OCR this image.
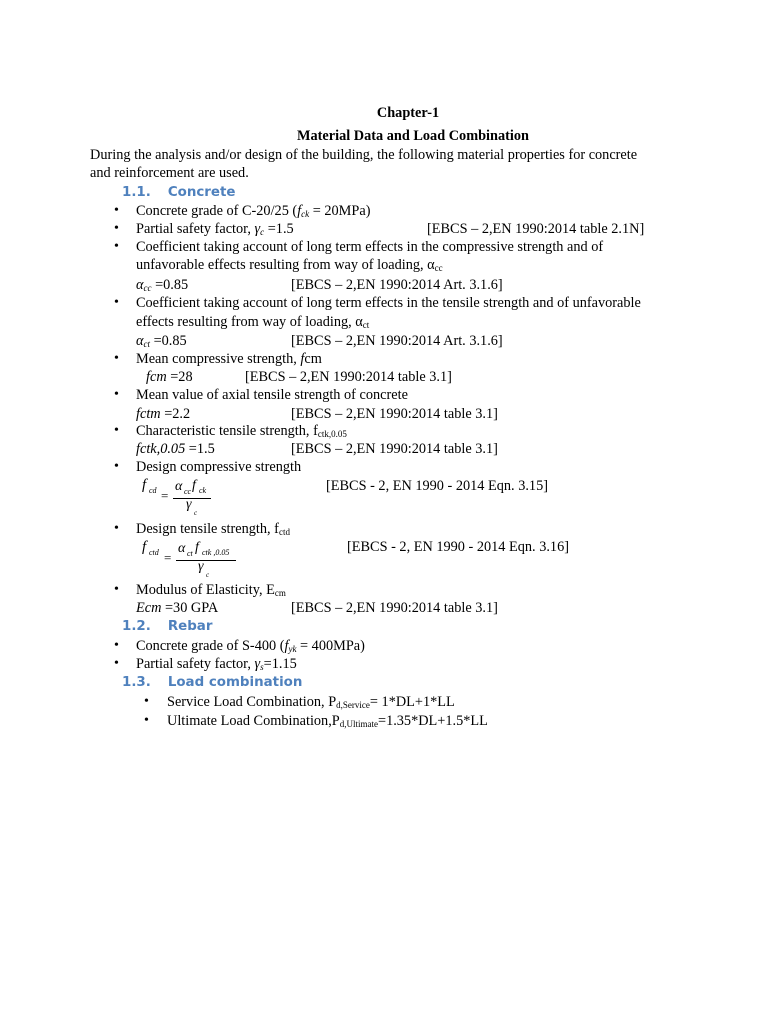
Chapter-1
Material Data and Load Combination
During the analysis and/or design of the building, the following material properties for concrete
and reinforcement are used.
1.1. Concrete
• Concrete grade of C-20/25 $(f_{ck} = 20MPa)$
• Partial safety factor, $\gamma_c =1.5$	[EBCS – 2,EN 1990:2014 table 2.1N]
• Coefficient taking account of long term effects in the compressive strength and of
unfavorable effects resulting from way of loading, $\alpha_{cc}$
$\alpha_{cc} =0.85$	[EBCS – 2,EN 1990:2014 Art. 3.1.6]
• Coefficient taking account of long term effects in the tensile strength and of unfavorable
effects resulting from way of loading, $\alpha_{ct}$
$\alpha_{ct} =0.85$	[EBCS – 2,EN 1990:2014 Art. 3.1.6]
• Mean compressive strength, fcm
fcm =28	[EBCS – 2,EN 1990:2014 table 3.1]
• Mean value of axial tensile strength of concrete
fctm =2.2	[EBCS – 2,EN 1990:2014 table 3.1]
• Characteristic tensile strength, $f_{ctk,0.05}$
fctk,0.05 =1.5	[EBCS – 2,EN 1990:2014 table 3.1]
• Design compressive strength
f cd =
α cc f ck
γ
c
[EBCS - 2, EN 1990 - 2014 Eqn. 3.15]
• Design tensile strength, $f_{ctd}$
f ctd =
α ct f ctk ,0.05
γ
c
[EBCS - 2, EN 1990 - 2014 Eqn. 3.16]
• Modulus of Elasticity, $E_{cm}$
Ecm =30 GPA	[EBCS – 2,EN 1990:2014 table 3.1]
1.2. Rebar
• Concrete grade of S-400 $(f_{yk} = 400MPa)$
• Partial safety factor, $\gamma_s=1.15$
1.3. Load combination
• Service Load Combination, $P_{d,Service}= 1*DL+1*LL$
• Ultimate Load $Combination,P_{d,Ultimate}=1.35*DL+1.5*LL$
